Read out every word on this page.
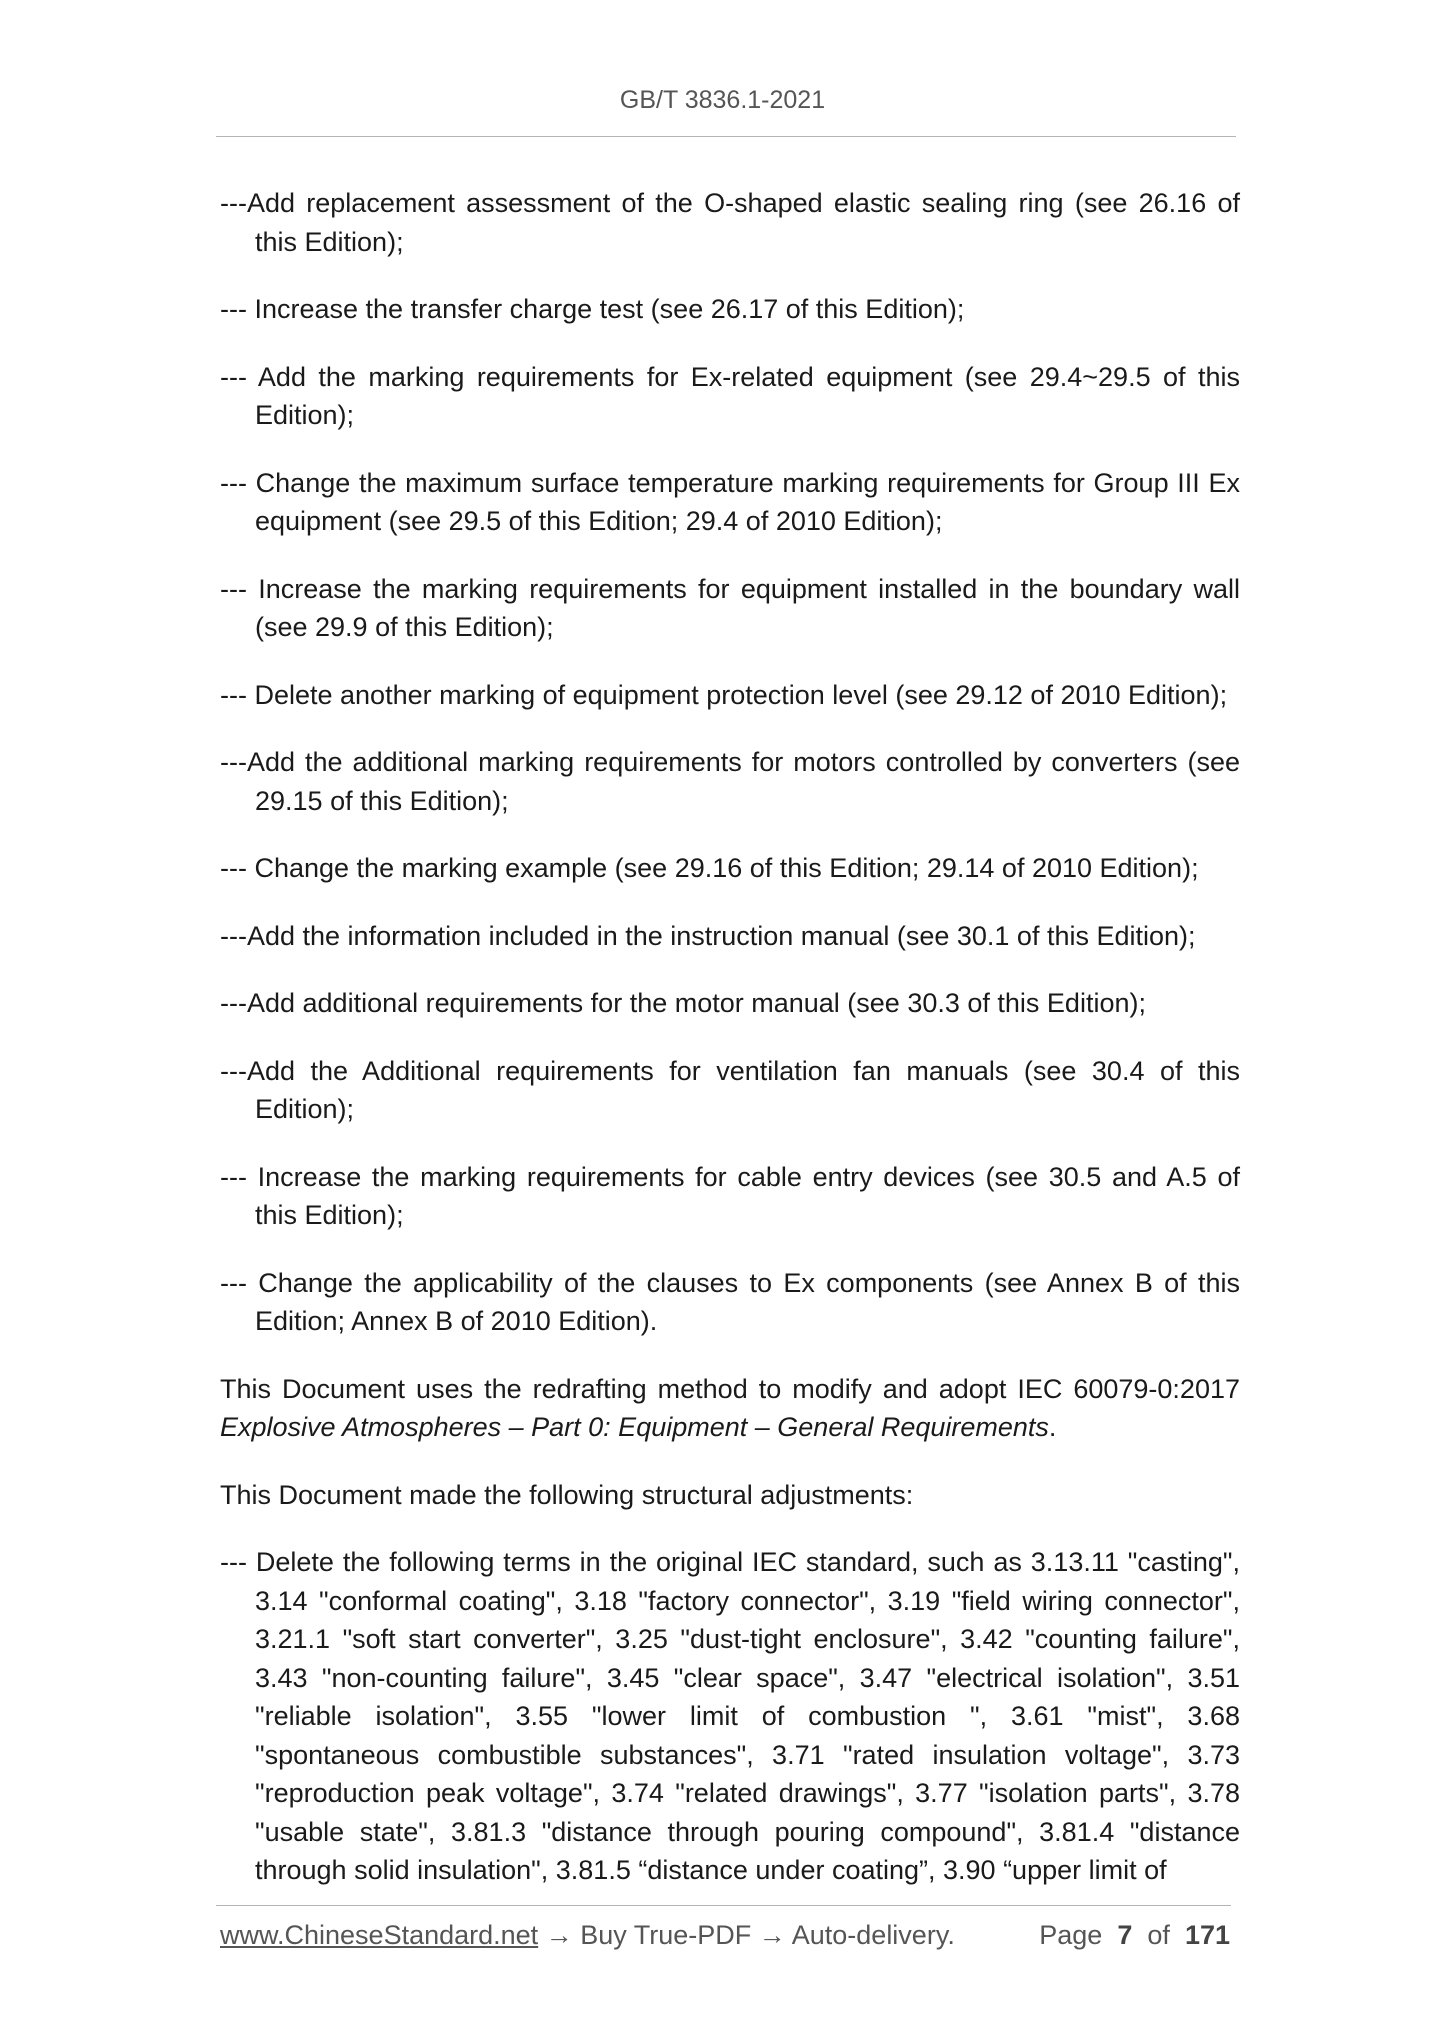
GB/T 3836.1-2021

---Add replacement assessment of the O-shaped elastic sealing ring (see 26.16 of this Edition);

--- Increase the transfer charge test (see 26.17 of this Edition);

--- Add the marking requirements for Ex-related equipment (see 29.4~29.5 of this Edition);

--- Change the maximum surface temperature marking requirements for Group III Ex equipment (see 29.5 of this Edition; 29.4 of 2010 Edition);

--- Increase the marking requirements for equipment installed in the boundary wall (see 29.9 of this Edition);

--- Delete another marking of equipment protection level (see 29.12 of 2010 Edition);

---Add the additional marking requirements for motors controlled by converters (see 29.15 of this Edition);

--- Change the marking example (see 29.16 of this Edition; 29.14 of 2010 Edition);

---Add the information included in the instruction manual (see 30.1 of this Edition);

---Add additional requirements for the motor manual (see 30.3 of this Edition);

---Add the Additional requirements for ventilation fan manuals (see 30.4 of this Edition);

--- Increase the marking requirements for cable entry devices (see 30.5 and A.5 of this Edition);

--- Change the applicability of the clauses to Ex components (see Annex B of this Edition; Annex B of 2010 Edition).

This Document uses the redrafting method to modify and adopt IEC 60079-0:2017 Explosive Atmospheres – Part 0: Equipment – General Requirements.

This Document made the following structural adjustments:

--- Delete the following terms in the original IEC standard, such as 3.13.11 "casting", 3.14 "conformal coating", 3.18 "factory connector", 3.19 "field wiring connector", 3.21.1 "soft start converter", 3.25 "dust-tight enclosure", 3.42 "counting failure", 3.43 "non-counting failure", 3.45 "clear space", 3.47 "electrical isolation", 3.51 "reliable isolation", 3.55 "lower limit of combustion ", 3.61 "mist", 3.68 "spontaneous combustible substances", 3.71 "rated insulation voltage", 3.73 "reproduction peak voltage", 3.74 "related drawings", 3.77 "isolation parts", 3.78 "usable state", 3.81.3 "distance through pouring compound", 3.81.4 "distance through solid insulation", 3.81.5 “distance under coating”, 3.90 “upper limit of

www.ChineseStandard.net → Buy True-PDF → Auto-delivery.	Page 7 of 171
